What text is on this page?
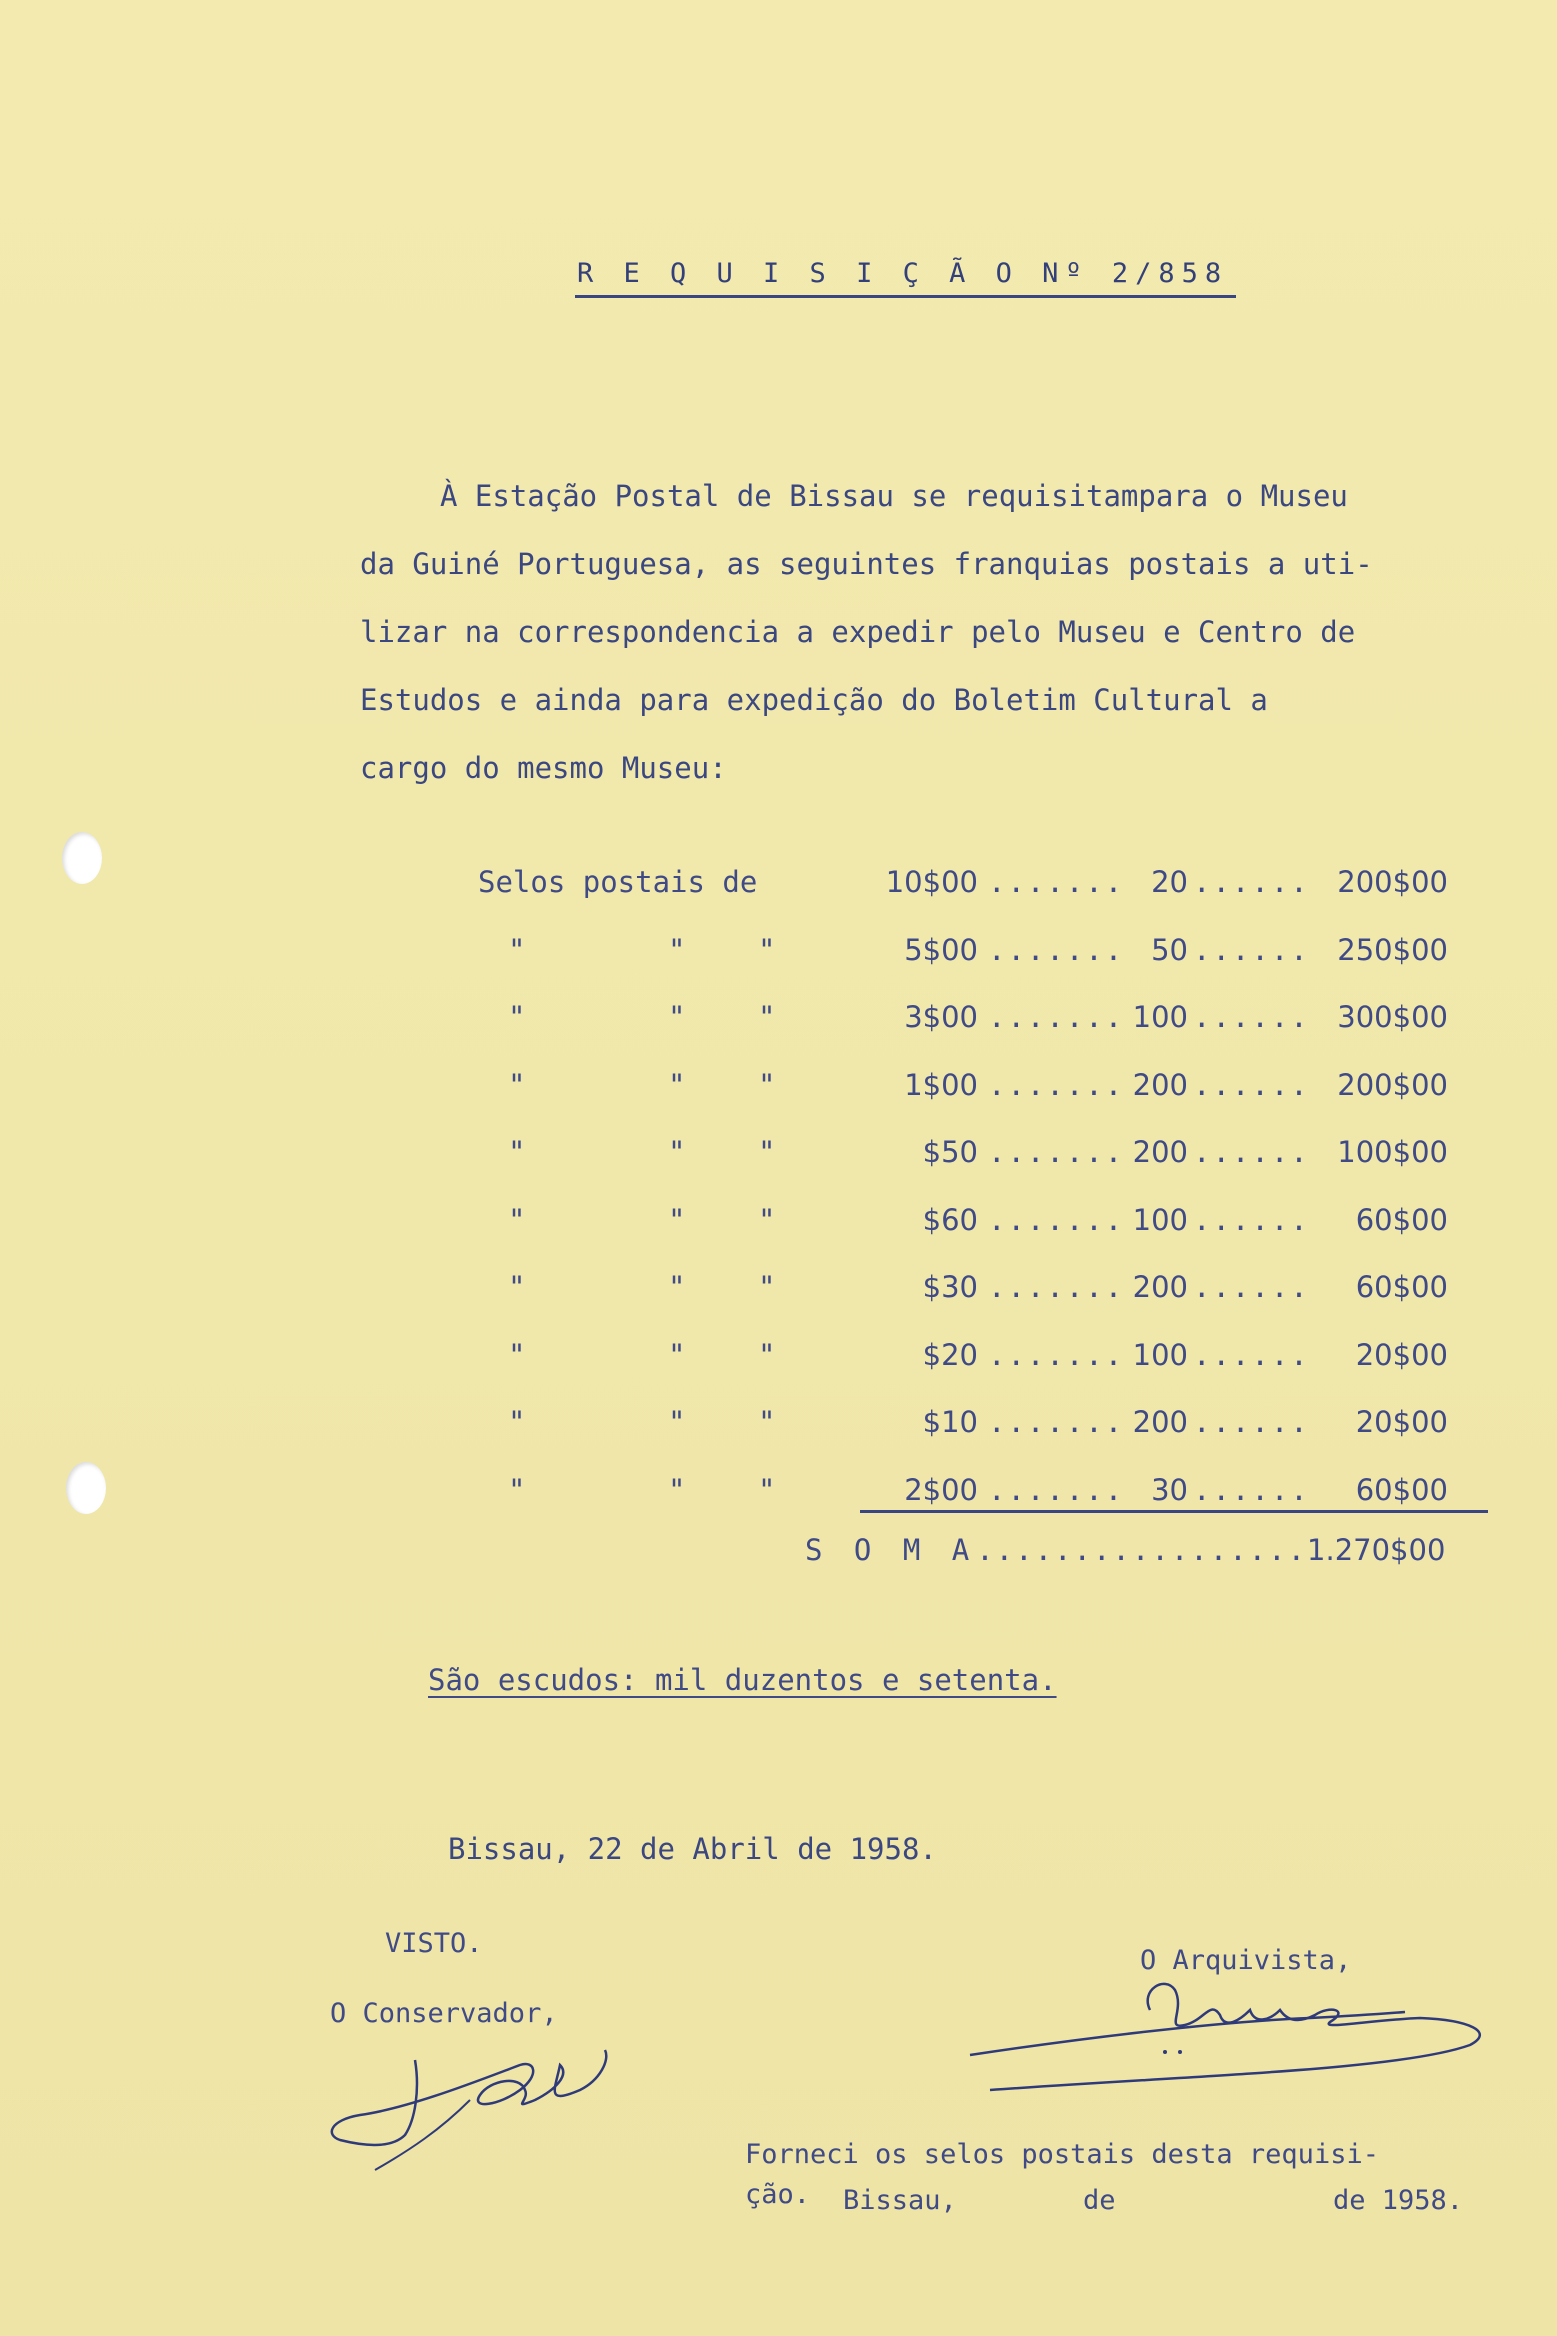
R E Q U I S I Ç Ã O Nº 2/858
À Estação Postal de Bissau se requisitampara o Museu
da Guiné Portuguesa, as seguintes franquias postais a uti-
lizar na correspondencia a expedir pelo Museu e Centro de
Estudos e ainda para expedição do Boletim Cultural a
cargo do mesmo Museu:
Selos postais de	10$00 ....... 20 ...... 200$00
"	"	"	5$00 ....... 50 ...... 250$00
"	"	"	3$00 ....... 100 ...... 300$00
"	"	"	1$00 ....... 200 ...... 200$00
"	"	"	$50 ....... 200 ...... 100$00
"	"	"	$60 ....... 100 ......	60$00
"	"	"	$30 ....... 200 ......	60$00
"	"	"	$20 ....... 100 ......	20$00
"	"	"	$10 ....... 200 ......	20$00
"	"	"	2$00 ....... 30 ......	60$00
S O M A.................1.270$00
São escudos: mil duzentos e setenta.
Bissau, 22 de Abril de 1958.
VISTO.
O Conservador,
O Arquivista,
Forneci os selos postais desta requisi-
ção.	Bissau,	de	de 1958.
